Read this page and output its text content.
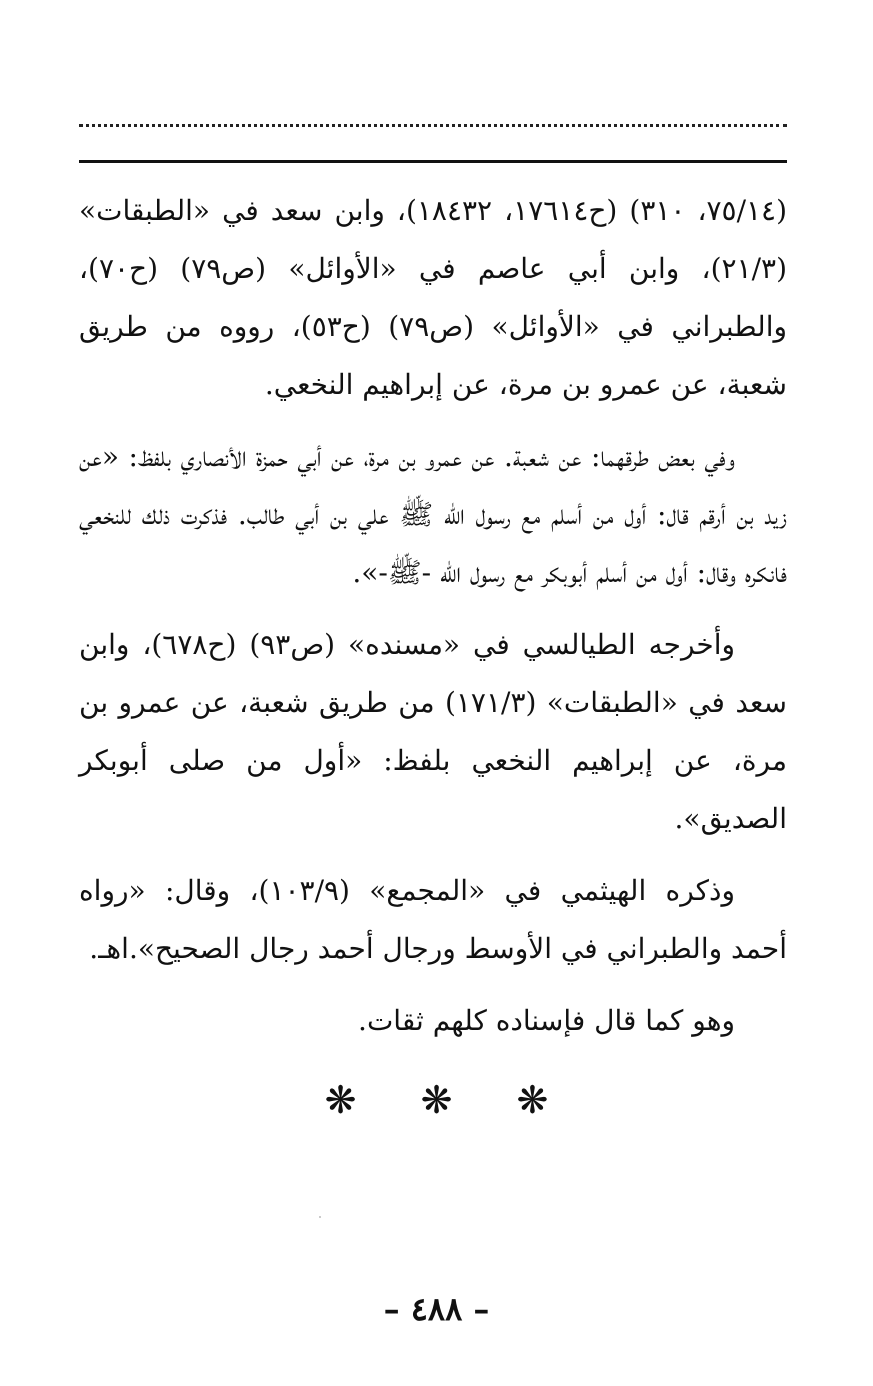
(٧٥/١٤، ٣١٠) (ح١٧٦١٤، ١٨٤٣٢)، وابن سعد في «الطبقات» (٢١/٣)، وابن أبي عاصم في «الأوائل» (ص٧٩) (ح٧٠)، والطبراني في «الأوائل» (ص٧٩) (ح٥٣)، رووه من طريق شعبة، عن عمرو بن مرة، عن إبراهيم النخعي.

وفي بعض طرقهما: عن شعبة. عن عمرو بن مرة، عن أبي حمزة الأنصاري بلفظ: «عن زيد بن أرقم قال: أول من أسلم مع رسول اللّه ﷺ علي بن أبي طالب. فذكرت ذلك للنخعي فانكره وقال: أول من أسلم أبوبكر مع رسول اللّه -ﷺ-».

وأخرجه الطيالسي في «مسنده» (ص٩٣) (ح٦٧٨)، وابن سعد في «الطبقات» (١٧١/٣) من طريق شعبة، عن عمرو بن مرة، عن إبراهيم النخعي بلفظ: «أول من صلى أبوبكر الصديق».

وذكره الهيثمي في «المجمع» (١٠٣/٩)، وقال: «رواه أحمد والطبراني في الأوسط ورجال أحمد رجال الصحيح».اهـ.

وهو كما قال فإسناده كلهم ثقات.

❋ ❋ ❋
– ٤٨٨ –
